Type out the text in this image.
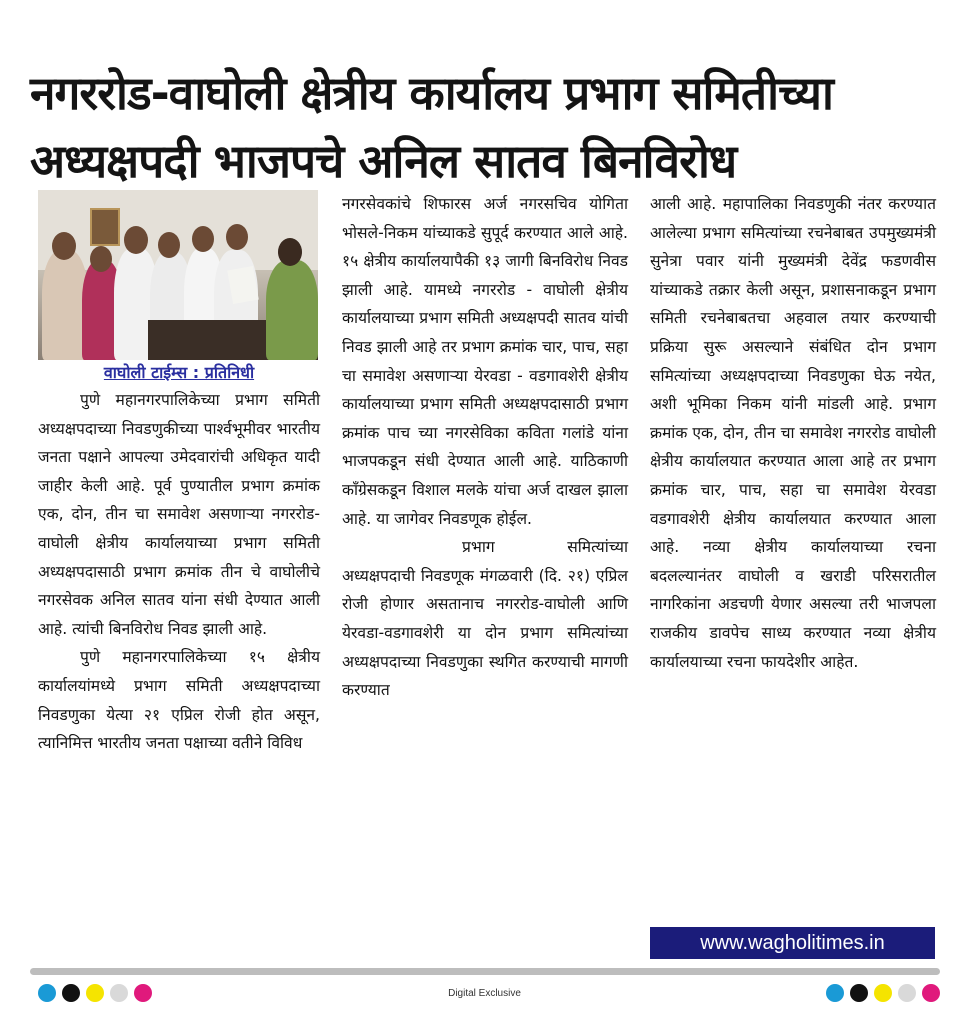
नगररोड-वाघोली क्षेत्रीय कार्यालय प्रभाग समितीच्या अध्यक्षपदी भाजपचे अनिल सातव बिनविरोध

वाघोली टाईम्स : प्रतिनिधी

पुणे महानगरपालिकेच्या प्रभाग समिती अध्यक्षपदाच्या निवडणुकीच्या पार्श्वभूमीवर भारतीय जनता पक्षाने आपल्या उमेदवारांची अधिकृत यादी जाहीर केली आहे. पूर्व पुण्यातील प्रभाग क्रमांक एक, दोन, तीन चा समावेश असणाऱ्या नगररोड-वाघोली क्षेत्रीय कार्यालयाच्या प्रभाग समिती अध्यक्षपदासाठी प्रभाग क्रमांक तीन चे वाघोलीचे नगरसेवक अनिल सातव यांना संधी देण्यात आली आहे. त्यांची बिनविरोध निवड झाली आहे.

पुणे महानगरपालिकेच्या १५ क्षेत्रीय कार्यालयांमध्ये प्रभाग समिती अध्यक्षपदाच्या निवडणुका येत्या २१ एप्रिल रोजी होत असून, त्यानिमित्त भारतीय जनता पक्षाच्या वतीने विविध

नगरसेवकांचे शिफारस अर्ज नगरसचिव योगिता भोसले-निकम यांच्याकडे सुपूर्द करण्यात आले आहे. १५ क्षेत्रीय कार्यालयापैकी १३ जागी बिनविरोध निवड झाली आहे. यामध्ये नगररोड - वाघोली क्षेत्रीय कार्यालयाच्या प्रभाग समिती अध्यक्षपदी सातव यांची निवड झाली आहे तर प्रभाग क्रमांक चार, पाच, सहा चा समावेश असणाऱ्या येरवडा - वडगावशेरी क्षेत्रीय कार्यालयाच्या प्रभाग समिती अध्यक्षपदासाठी प्रभाग क्रमांक पाच च्या नगरसेविका कविता गलांडे यांना भाजपकडून संधी देण्यात आली आहे. याठिकाणी काँग्रेसकडून विशाल मलके यांचा अर्ज दाखल झाला आहे. या जागेवर निवडणूक होईल.

प्रभाग समित्यांच्या अध्यक्षपदाची निवडणूक मंगळवारी (दि. २१) एप्रिल रोजी होणार असतानाच नगररोड-वाघोली आणि येरवडा-वडगावशेरी या दोन प्रभाग समित्यांच्या अध्यक्षपदाच्या निवडणुका स्थगित करण्याची मागणी करण्यात

आली आहे. महापालिका निवडणुकी नंतर करण्यात आलेल्या प्रभाग समित्यांच्या रचनेबाबत उपमुख्यमंत्री सुनेत्रा पवार यांनी मुख्यमंत्री देवेंद्र फडणवीस यांच्याकडे तक्रार केली असून, प्रशासनाकडून प्रभाग समिती रचनेबाबतचा अहवाल तयार करण्याची प्रक्रिया सुरू असल्याने संबंधित दोन प्रभाग समित्यांच्या अध्यक्षपदाच्या निवडणुका घेऊ नयेत, अशी भूमिका निकम यांनी मांडली आहे. प्रभाग क्रमांक एक, दोन, तीन चा समावेश नगररोड वाघोली क्षेत्रीय कार्यालयात करण्यात आला आहे तर प्रभाग क्रमांक चार, पाच, सहा चा समावेश येरवडा वडगावशेरी क्षेत्रीय कार्यालयात करण्यात आला आहे. नव्या क्षेत्रीय कार्यालयाच्या रचना बदलल्यानंतर वाघोली व खराडी परिसरातील नागरिकांना अडचणी येणार असल्या तरी भाजपला राजकीय डावपेच साध्य करण्यात नव्या क्षेत्रीय कार्यालयाच्या रचना फायदेशीर आहेत.

www.wagholitimes.in
Digital Exclusive
